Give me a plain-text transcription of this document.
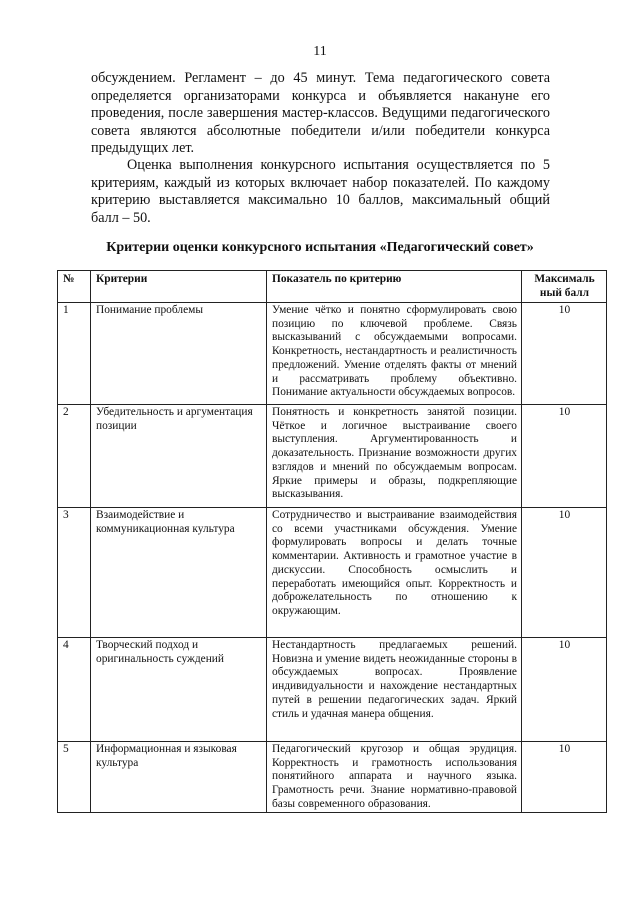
11

обсуждением. Регламент – до 45 минут. Тема педагогического совета определяется организаторами конкурса и объявляется накануне его проведения, после завершения мастер-классов. Ведущими педагогического совета являются абсолютные победители и/или победители конкурса предыдущих лет.

Оценка выполнения конкурсного испытания осуществляется по 5 критериям, каждый из которых включает набор показателей. По каждому критерию выставляется максимально 10 баллов, максимальный общий балл – 50.

Критерии оценки конкурсного испытания «Педагогический совет»
№	Критерии	Показатель по критерию	Максималь ный балл
1	Понимание проблемы	Умение чётко и понятно сформулировать свою позицию по ключевой проблеме. Связь высказываний с обсуждаемыми вопросами. Конкретность, нестандартность и реалистичность предложений. Умение отделять факты от мнений и рассматривать проблему объективно. Понимание актуальности обсуждаемых вопросов.	10
2	Убедительность и аргументация позиции	Понятность и конкретность занятой позиции. Чёткое и логичное выстраивание своего выступления. Аргументированность и доказательность. Признание возможности других взглядов и мнений по обсуждаемым вопросам. Яркие примеры и образы, подкрепляющие высказывания.	10
3	Взаимодействие и коммуникационная культура	Сотрудничество и выстраивание взаимодействия со всеми участниками обсуждения. Умение формулировать вопросы и делать точные комментарии. Активность и грамотное участие в дискуссии. Способность осмыслить и переработать имеющийся опыт. Корректность и доброжелательность по отношению к окружающим.	10
4	Творческий подход и оригинальность суждений	Нестандартность предлагаемых решений. Новизна и умение видеть неожиданные стороны в обсуждаемых вопросах. Проявление индивидуальности и нахождение нестандартных путей в решении педагогических задач. Яркий стиль и удачная манера общения.	10
5	Информационная и языковая культура	Педагогический кругозор и общая эрудиция. Корректность и грамотность использования понятийного аппарата и научного языка. Грамотность речи. Знание нормативно-правовой базы современного образования.	10
